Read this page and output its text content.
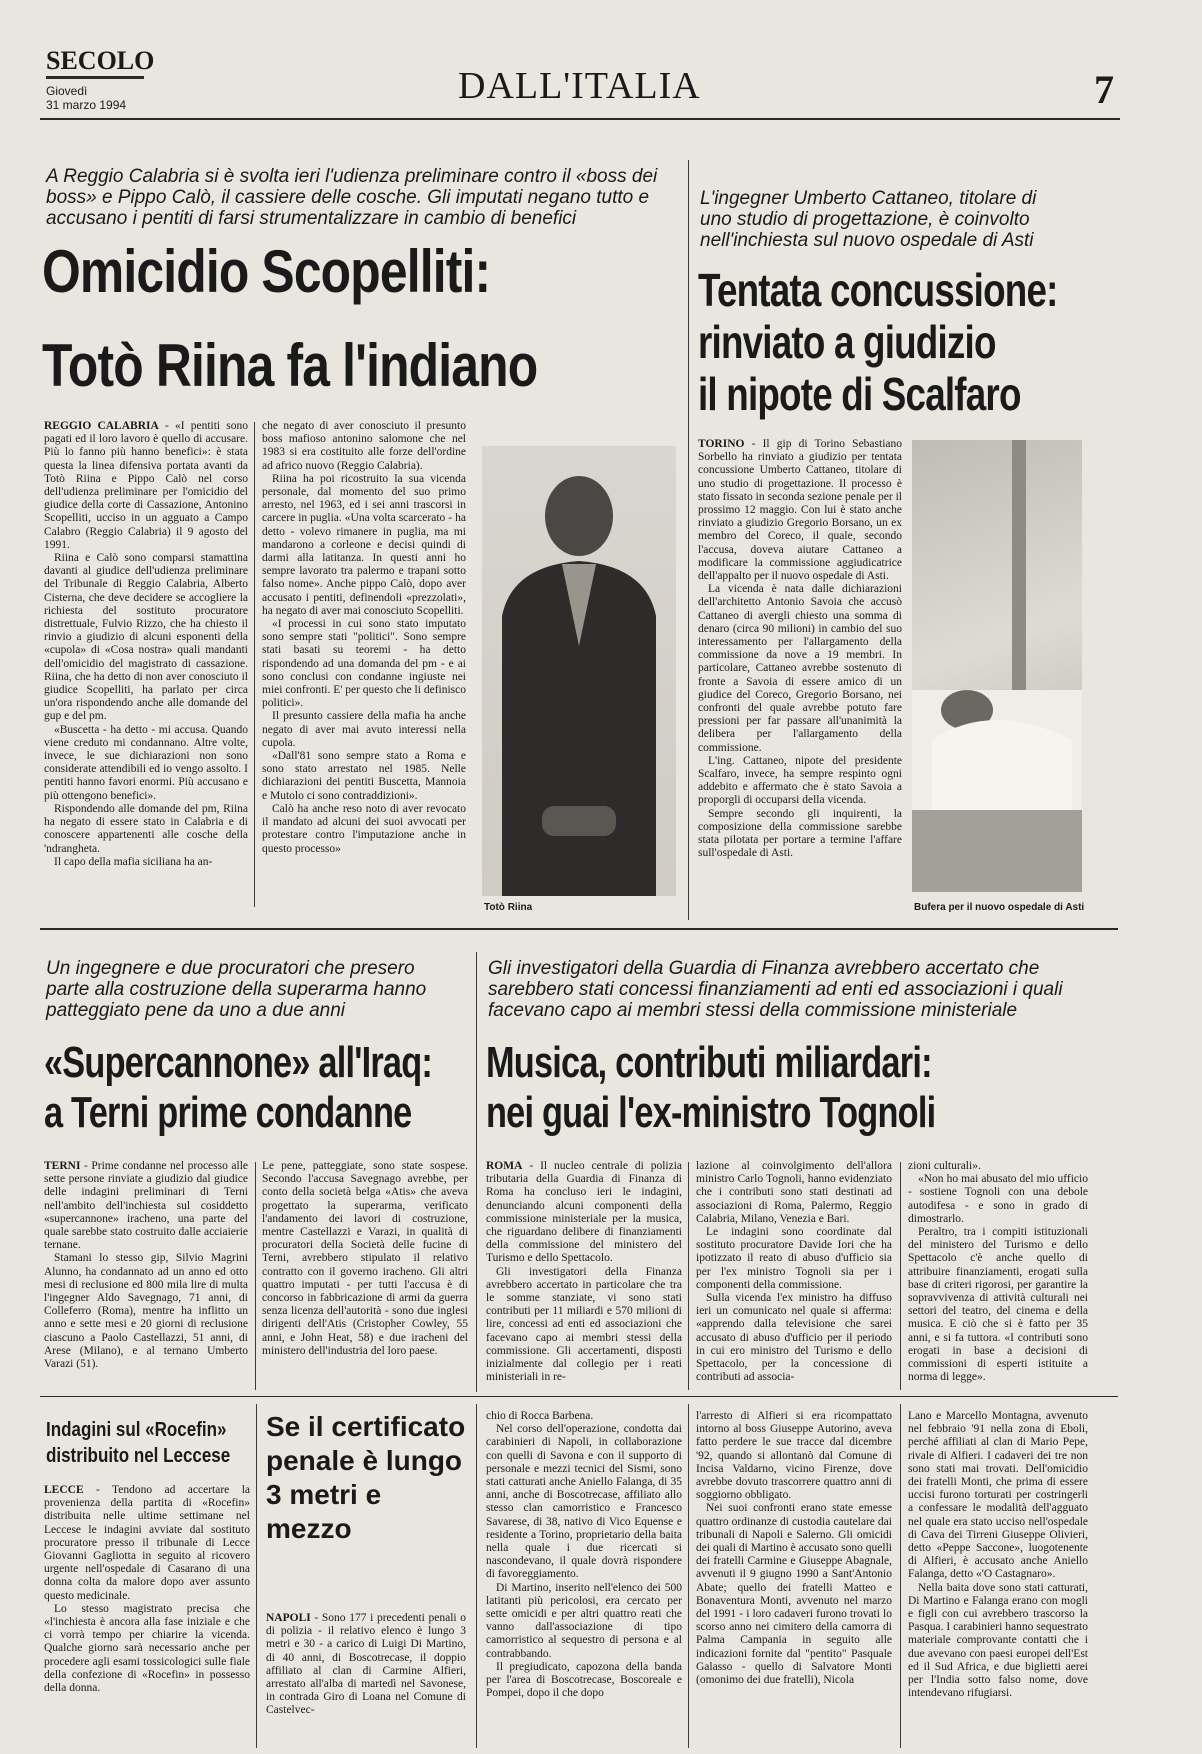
SECOLO
Giovedì
31 marzo 1994	DALL'ITALIA	7
A Reggio Calabria si è svolta ieri l'udienza preliminare contro il «boss dei boss» e Pippo Calò, il cassiere delle cosche. Gli imputati negano tutto e accusano i pentiti di farsi strumentalizzare in cambio di benefici
Omicidio Scopelliti:
Totò Riina fa l'indiano

REGGIO CALABRIA - «I pentiti sono pagati ed il loro lavoro è quello di accusare. Più lo fanno più hanno benefici»: è stata questa la linea difensiva portata avanti da Totò Riina e Pippo Calò nel corso dell'udienza preliminare per l'omicidio del giudice della corte di Cassazione, Antonino Scopelliti, ucciso in un agguato a Campo Calabro (Reggio Calabria) il 9 agosto del 1991.

Riina e Calò sono comparsi stamattina davanti al giudice dell'udienza preliminare del Tribunale di Reggio Calabria, Alberto Cisterna, che deve decidere se accogliere la richiesta del sostituto procuratore distrettuale, Fulvio Rizzo, che ha chiesto il rinvio a giudizio di alcuni esponenti della «cupola» di «Cosa nostra» quali mandanti dell'omicidio del magistrato di cassazione. Riina, che ha detto di non aver conosciuto il giudice Scopelliti, ha parlato per circa un'ora rispondendo anche alle domande del gup e del pm.

«Buscetta - ha detto - mi accusa. Quando viene creduto mi condannano. Altre volte, invece, le sue dichiarazioni non sono considerate attendibili ed io vengo assolto. I pentiti hanno favori enormi. Più accusano e più ottengono benefici».

Rispondendo alle domande del pm, Riina ha negato di essere stato in Calabria e di conoscere appartenenti alle cosche della 'ndrangheta.

Il capo della mafia siciliana ha an-

che negato di aver conosciuto il presunto boss mafioso antonino salomone che nel 1983 si era costituito alle forze dell'ordine ad africo nuovo (Reggio Calabria).

Riina ha poi ricostruito la sua vicenda personale, dal momento del suo primo arresto, nel 1963, ed i sei anni trascorsi in carcere in puglia. «Una volta scarcerato - ha detto - volevo rimanere in puglia, ma mi mandarono a corleone e decisi quindi di darmi alla latitanza. In questi anni ho sempre lavorato tra palermo e trapani sotto falso nome». Anche pippo Calò, dopo aver accusato i pentiti, definendoli «prezzolati», ha negato di aver mai conosciuto Scopelliti.

«I processi in cui sono stato imputato sono sempre stati "politici". Sono sempre stati basati su teoremi - ha detto rispondendo ad una domanda del pm - e ai sono conclusi con condanne ingiuste nei miei confronti. E' per questo che li definisco politici».

Il presunto cassiere della mafia ha anche negato di aver mai avuto interessi nella cupola.

«Dall'81 sono sempre stato a Roma e sono stato arrestato nel 1985. Nelle dichiarazioni dei pentiti Buscetta, Mannoia e Mutolo ci sono contraddizioni».

Calò ha anche reso noto di aver revocato il mandato ad alcuni dei suoi avvocati per protestare contro l'imputazione anche in questo processo»

Totò Riina
L'ingegner Umberto Cattaneo, titolare di uno studio di progettazione, è coinvolto nell'inchiesta sul nuovo ospedale di Asti
Tentata concussione:
rinviato a giudizio
il nipote di Scalfaro

TORINO - Il gip di Torino Sebastiano Sorbello ha rinviato a giudizio per tentata concussione Umberto Cattaneo, titolare di uno studio di progettazione. Il processo è stato fissato in seconda sezione penale per il prossimo 12 maggio. Con lui è stato anche rinviato a giudizio Gregorio Borsano, un ex membro del Coreco, il quale, secondo l'accusa, doveva aiutare Cattaneo a modificare la commissione aggiudicatrice dell'appalto per il nuovo ospedale di Asti.

La vicenda è nata dalle dichiarazioni dell'architetto Antonio Savoia che accusò Cattaneo di avergli chiesto una somma di denaro (circa 90 milioni) in cambio del suo interessamento per l'allargamento della commissione da nove a 19 membri. In particolare, Cattaneo avrebbe sostenuto di fronte a Savoia di essere amico di un giudice del Coreco, Gregorio Borsano, nei confronti del quale avrebbe potuto fare pressioni per far passare all'unanimità la delibera per l'allargamento della commissione.

L'ing. Cattaneo, nipote del presidente Scalfaro, invece, ha sempre respinto ogni addebito e affermato che è stato Savoia a proporgli di occuparsi della vicenda.

Sempre secondo gli inquirenti, la composizione della commissione sarebbe stata pilotata per portare a termine l'affare sull'ospedale di Asti.

Bufera per il nuovo ospedale di Asti
Un ingegnere e due procuratori che presero parte alla costruzione della superarma hanno patteggiato pene da uno a due anni
«Supercannone» all'Iraq:
a Terni prime condanne

TERNI - Prime condanne nel processo alle sette persone rinviate a giudizio dal giudice delle indagini preliminari di Terni nell'ambito dell'inchiesta sul cosiddetto «supercannone» iracheno, una parte del quale sarebbe stato costruito dalle acciaierie ternane.

Stamani lo stesso gip, Silvio Magrini Alunno, ha condannato ad un anno ed otto mesi di reclusione ed 800 mila lire di multa l'ingegner Aldo Savegnago, 71 anni, di Colleferro (Roma), mentre ha inflitto un anno e sette mesi e 20 giorni di reclusione ciascuno a Paolo Castellazzi, 51 anni, di Arese (Milano), e al ternano Umberto Varazi (51).

Le pene, patteggiate, sono state sospese. Secondo l'accusa Savegnago avrebbe, per conto della società belga «Atis» che aveva progettato la superarma, verificato l'andamento dei lavori di costruzione, mentre Castellazzi e Varazi, in qualità di procuratori della Società delle fucine di Terni, avrebbero stipulato il relativo contratto con il governo iracheno. Gli altri quattro imputati - per tutti l'accusa è di concorso in fabbricazione di armi da guerra senza licenza dell'autorità - sono due inglesi dirigenti dell'Atis (Cristopher Cowley, 55 anni, e John Heat, 58) e due iracheni del ministero dell'industria del loro paese.

Gli investigatori della Guardia di Finanza avrebbero accertato che sarebbero stati concessi finanziamenti ad enti ed associazioni i quali facevano capo ai membri stessi della commissione ministeriale
Musica, contributi miliardari:
nei guai l'ex-ministro Tognoli

ROMA - Il nucleo centrale di polizia tributaria della Guardia di Finanza di Roma ha concluso ieri le indagini, denunciando alcuni componenti della commissione ministeriale per la musica, che riguardano delibere di finanziamenti della commissione del ministero del Turismo e dello Spettacolo.

Gli investigatori della Finanza avrebbero accertato in particolare che tra le somme stanziate, vi sono stati contributi per 11 miliardi e 570 milioni di lire, concessi ad enti ed associazioni che facevano capo ai membri stessi della commissione. Gli accertamenti, disposti inizialmente dal collegio per i reati ministeriali in re-

lazione al coinvolgimento dell'allora ministro Carlo Tognoli, hanno evidenziato che i contributi sono stati destinati ad associazioni di Roma, Palermo, Reggio Calabria, Milano, Venezia e Bari.

Le indagini sono coordinate dal sostituto procuratore Davide Iori che ha ipotizzato il reato di abuso d'ufficio sia per l'ex ministro Tognoli sia per i componenti della commissione.

Sulla vicenda l'ex ministro ha diffuso ieri un comunicato nel quale si afferma: «apprendo dalla televisione che sarei accusato di abuso d'ufficio per il periodo in cui ero ministro del Turismo e dello Spettacolo, per la concessione di contributi ad associa-

zioni culturali».

«Non ho mai abusato del mio ufficio - sostiene Tognoli con una debole autodifesa - e sono in grado di dimostrarlo.

Peraltro, tra i compiti istituzionali del ministero del Turismo e dello Spettacolo c'è anche quello di attribuire finanziamenti, erogati sulla base di criteri rigorosi, per garantire la sopravvivenza di attività culturali nei settori del teatro, del cinema e della musica. E ciò che si è fatto per 35 anni, e si fa tuttora. «I contributi sono erogati in base a decisioni di commissioni di esperti istituite a norma di legge».

Indagini sul «Rocefin»
distribuito nel Leccese

LECCE - Tendono ad accertare la provenienza della partita di «Rocefin» distribuita nelle ultime settimane nel Leccese le indagini avviate dal sostituto procuratore presso il tribunale di Lecce Giovanni Gagliotta in seguito al ricovero urgente nell'ospedale di Casarano di una donna colta da malore dopo aver assunto questo medicinale.

Lo stesso magistrato precisa che «l'inchiesta è ancora alla fase iniziale e che ci vorrà tempo per chiarire la vicenda. Qualche giorno sarà necessario anche per procedere agli esami tossicologici sulle fiale della confezione di «Rocefin» in possesso della donna.

Se il certificato penale è lungo 3 metri e mezzo

NAPOLI - Sono 177 i precedenti penali o di polizia - il relativo elenco è lungo 3 metri e 30 - a carico di Luigi Di Martino, di 40 anni, di Boscotrecase, il doppio affiliato al clan di Carmine Alfieri, arrestato all'alba di martedì nel Savonese, in contrada Giro di Loana nel Comune di Castelvec-

chio di Rocca Barbena.

Nel corso dell'operazione, condotta dai carabinieri di Napoli, in collaborazione con quelli di Savona e con il supporto di personale e mezzi tecnici del Sismi, sono stati catturati anche Aniello Falanga, di 35 anni, anche di Boscotrecase, affiliato allo stesso clan camorristico e Francesco Savarese, di 38, nativo di Vico Equense e residente a Torino, proprietario della baita nella quale i due ricercati si nascondevano, il quale dovrà rispondere di favoreggiamento.

Di Martino, inserito nell'elenco dei 500 latitanti più pericolosi, era cercato per sette omicidi e per altri quattro reati che vanno dall'associazione di tipo camorristico al sequestro di persona e al contrabbando.

Il pregiudicato, capozona della banda per l'area di Boscotrecase, Boscoreale e Pompei, dopo il che dopo

l'arresto di Alfieri si era ricompattato intorno al boss Giuseppe Autorino, aveva fatto perdere le sue tracce dal dicembre '92, quando si allontanò dal Comune di Incisa Valdarno, vicino Firenze, dove avrebbe dovuto trascorrere quattro anni di soggiorno obbligato.

Nei suoi confronti erano state emesse quattro ordinanze di custodia cautelare dai tribunali di Napoli e Salerno. Gli omicidi dei quali di Martino è accusato sono quelli dei fratelli Carmine e Giuseppe Abagnale, avvenuti il 9 giugno 1990 a Sant'Antonio Abate; quello dei fratelli Matteo e Bonaventura Monti, avvenuto nel marzo del 1991 - i loro cadaveri furono trovati lo scorso anno nei cimitero della camorra di Palma Campania in seguito alle indicazioni fornite dal "pentito" Pasquale Galasso - quello di Salvatore Monti (omonimo dei due fratelli), Nicola

Lano e Marcello Montagna, avvenuto nel febbraio '91 nella zona di Eboli, perché affiliati al clan di Mario Pepe, rivale di Alfieri. I cadaveri dei tre non sono stati mai trovati. Dell'omicidio dei fratelli Monti, che prima di essere uccisi furono torturati per costringerli a confessare le modalità dell'agguato nel quale era stato ucciso nell'ospedale di Cava dei Tirreni Giuseppe Olivieri, detto «Peppe Saccone», luogotenente di Alfieri, è accusato anche Aniello Falanga, detto «'O Castagnaro».

Nella baita dove sono stati catturati, Di Martino e Falanga erano con mogli e figli con cui avrebbero trascorso la Pasqua. I carabinieri hanno sequestrato materiale comprovante contatti che i due avevano con paesi europei dell'Est ed il Sud Africa, e due biglietti aerei per l'India sotto falso nome, dove intendevano rifugiarsi.
